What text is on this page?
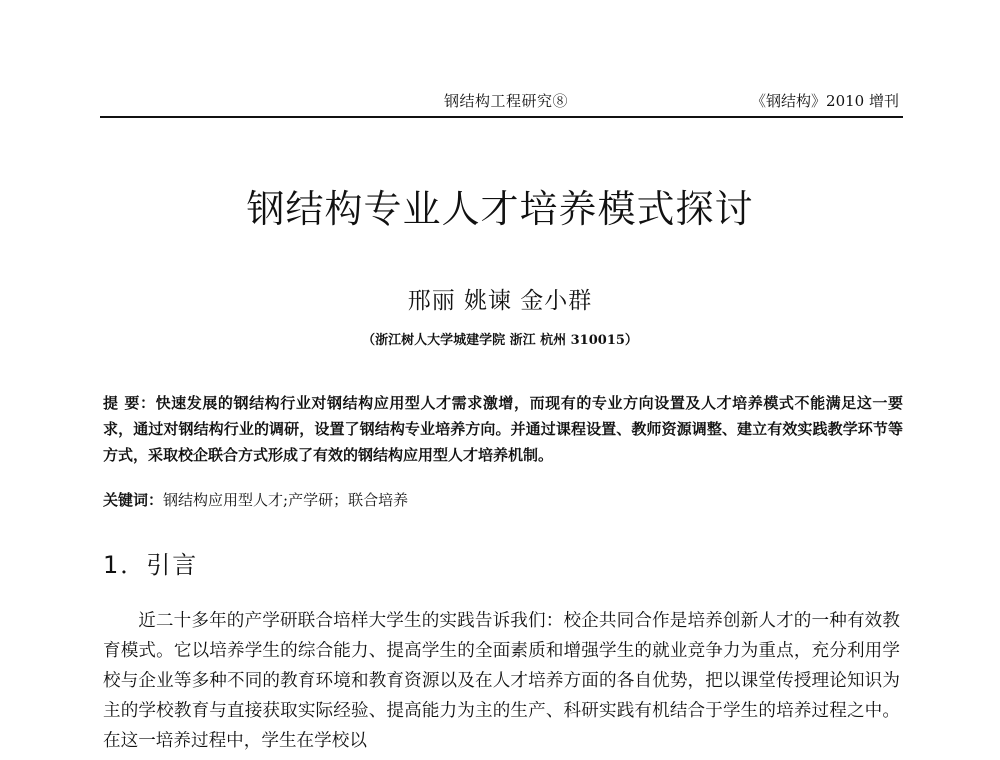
钢结构工程研究⑧	《钢结构》2010 增刊
钢结构专业人才培养模式探讨
邢丽 姚谏 金小群
（浙江树人大学城建学院 浙江 杭州 310015）
提 要：快速发展的钢结构行业对钢结构应用型人才需求激增，而现有的专业方向设置及人才培养模式不能满足这一要求，通过对钢结构行业的调研，设置了钢结构专业培养方向。并通过课程设置、教师资源调整、建立有效实践教学环节等方式，采取校企联合方式形成了有效的钢结构应用型人才培养机制。
关键词：钢结构应用型人才;产学研；联合培养
1．引言
近二十多年的产学研联合培样大学生的实践告诉我们：校企共同合作是培养创新人才的一种有效教育模式。它以培养学生的综合能力、提高学生的全面素质和增强学生的就业竞争力为重点，充分利用学校与企业等多种不同的教育环境和教育资源以及在人才培养方面的各自优势，把以课堂传授理论知识为主的学校教育与直接获取实际经验、提高能力为主的生产、科研实践有机结合于学生的培养过程之中。在这一培养过程中，学生在学校以
